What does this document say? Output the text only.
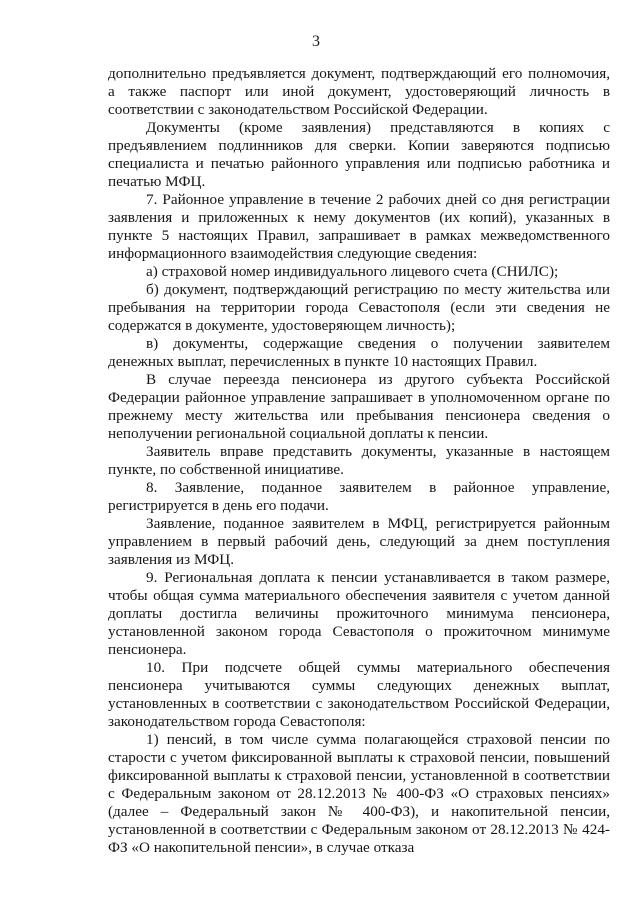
3

дополнительно предъявляется документ, подтверждающий его полномочия, а также паспорт или иной документ, удостоверяющий личность в соответствии с законодательством Российской Федерации.

Документы (кроме заявления) представляются в копиях с предъявлением подлинников для сверки. Копии заверяются подписью специалиста и печатью районного управления или подписью работника и печатью МФЦ.

7. Районное управление в течение 2 рабочих дней со дня регистрации заявления и приложенных к нему документов (их копий), указанных в пункте 5 настоящих Правил, запрашивает в рамках межведомственного информационного взаимодействия следующие сведения:

а) страховой номер индивидуального лицевого счета (СНИЛС);

б) документ, подтверждающий регистрацию по месту жительства или пребывания на территории города Севастополя (если эти сведения не содержатся в документе, удостоверяющем личность);

в) документы, содержащие сведения о получении заявителем денежных выплат, перечисленных в пункте 10 настоящих Правил.

В случае переезда пенсионера из другого субъекта Российской Федерации районное управление запрашивает в уполномоченном органе по прежнему месту жительства или пребывания пенсионера сведения о неполучении региональной социальной доплаты к пенсии.

Заявитель вправе представить документы, указанные в настоящем пункте, по собственной инициативе.

8. Заявление, поданное заявителем в районное управление, регистрируется в день его подачи.

Заявление, поданное заявителем в МФЦ, регистрируется районным управлением в первый рабочий день, следующий за днем поступления заявления из МФЦ.

9. Региональная доплата к пенсии устанавливается в таком размере, чтобы общая сумма материального обеспечения заявителя с учетом данной доплаты достигла величины прожиточного минимума пенсионера, установленной законом города Севастополя о прожиточном минимуме пенсионера.

10. При подсчете общей суммы материального обеспечения пенсионера учитываются суммы следующих денежных выплат, установленных в соответствии с законодательством Российской Федерации, законодательством города Севастополя:

1) пенсий, в том числе сумма полагающейся страховой пенсии по старости с учетом фиксированной выплаты к страховой пенсии, повышений фиксированной выплаты к страховой пенсии, установленной в соответствии с Федеральным законом от 28.12.2013 № 400-ФЗ «О страховых пенсиях» (далее – Федеральный закон № 400-ФЗ), и накопительной пенсии, установленной в соответствии с Федеральным законом от 28.12.2013 № 424-ФЗ «О накопительной пенсии», в случае отказа
